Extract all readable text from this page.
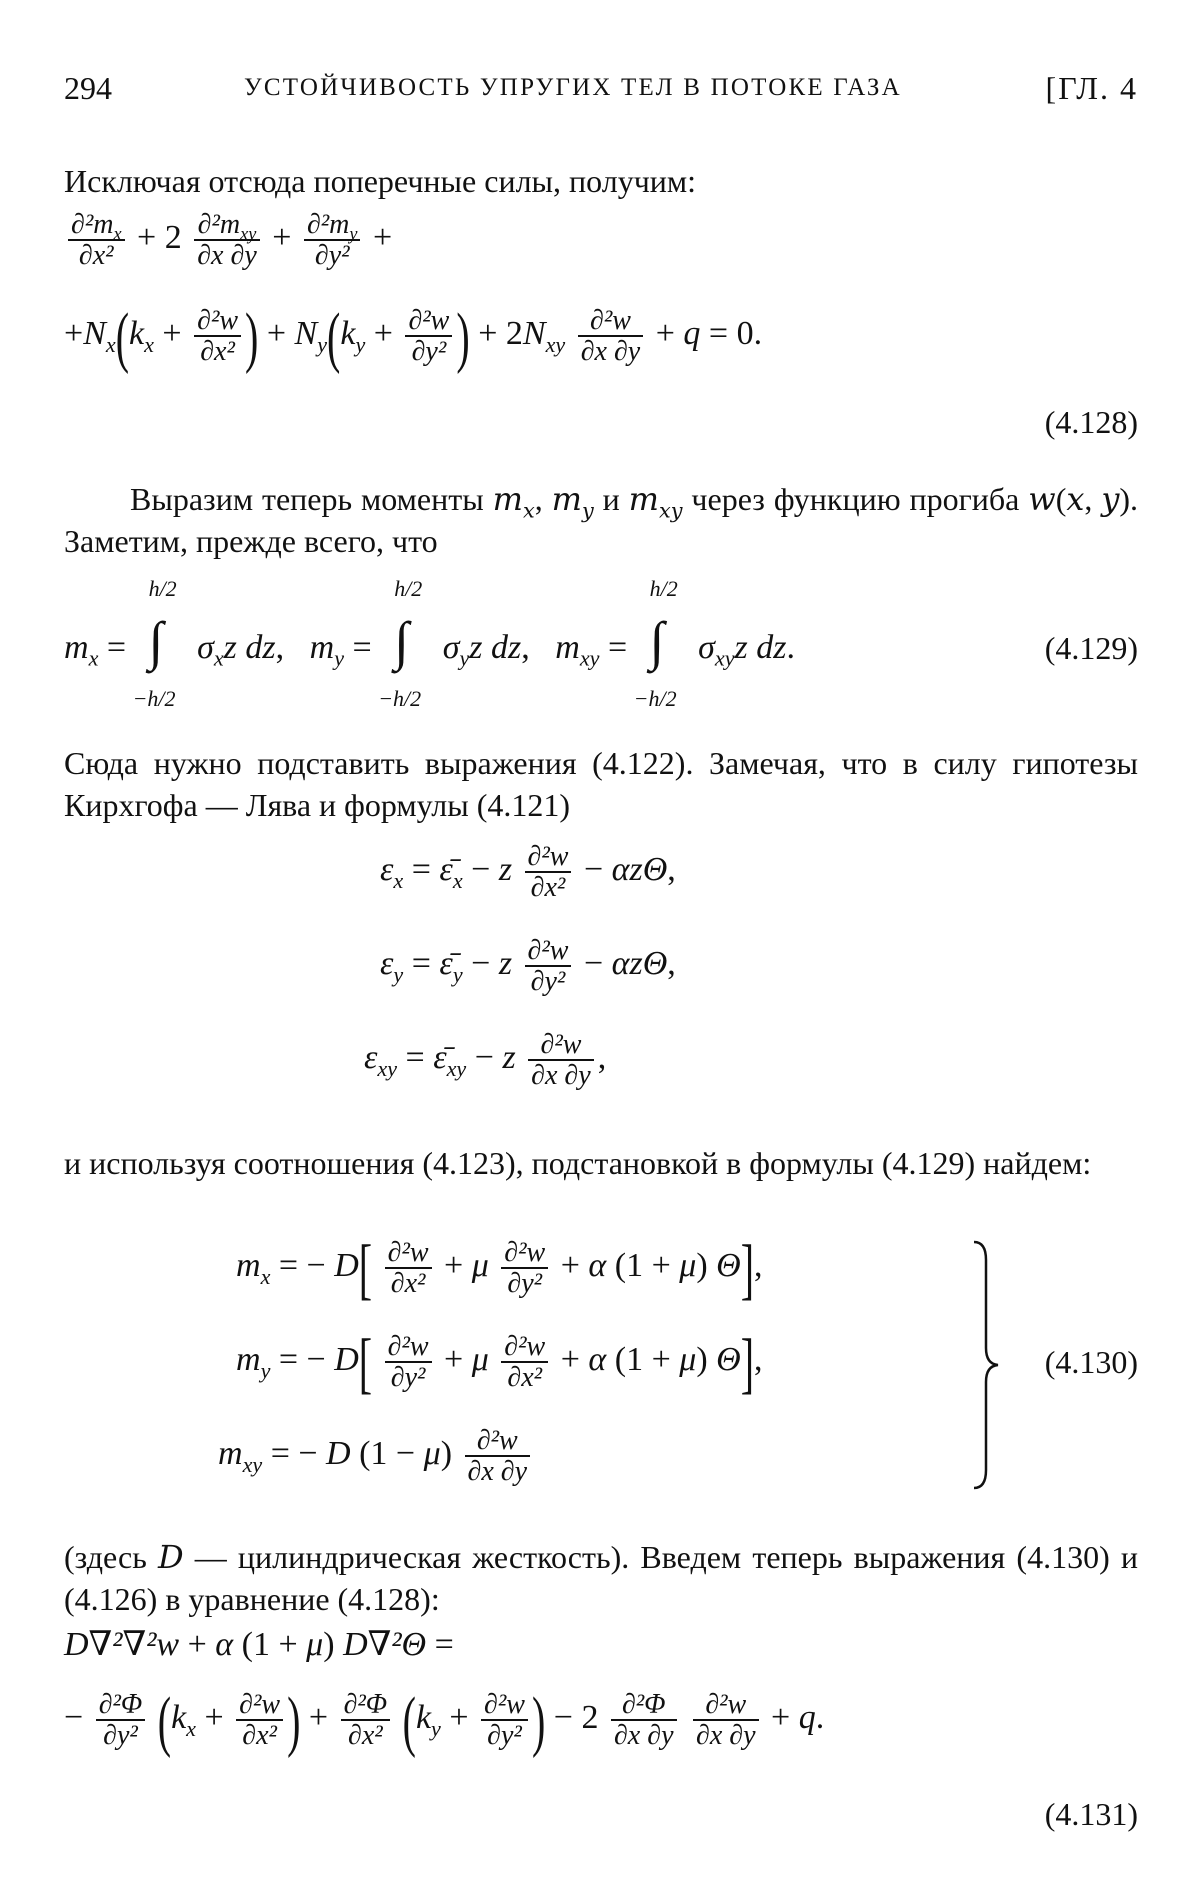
294	УСТОЙЧИВОСТЬ УПРУГИХ ТЕЛ В ПОТОКЕ ГАЗА	[ГЛ. 4
Исключая отсюда поперечные силы, получим:
$\frac{\partial^2m_x}{\text{∂x²}} + 2 \frac{\partial^2m_{xy}}{\partial x \partial y} + \frac{\partial^2m_y}{\text{∂y²}}$ +
$+N_x(k_x + \frac{\text{∂²w}}{\text{∂x²}}$ ) + $N_y(k_y + \frac{\text{∂²w}}{\text{∂y²}}$ ) + $2N_{xy} \frac{\text{∂²w}}{\partial x \partial y} + q = 0$.
(4.128)
Выразим теперь моменты $m_x$, $m_y$ и $m_{xy}$ через функцию прогиба w(x, y). Заметим, прежде всего, что
$m_x$ =
h/2
∫
−h/2
$\sigma_xz$ dz,   $m_y$ =
h/2
∫
−h/2
$\sigma_yz$ dz,   $m_{xy}$ =
h/2
∫
−h/2
$\sigma_{xy}z$ dz.	(4.129)
Сюда нужно подставить выражения (4.122). Замечая, что в силу гипотезы Кирхгофа — Лява и формулы (4.121)
$\varepsilon_x$ = $\varepsilon̄_x - z \frac{\text{∂²w}}{\text{∂x²}} - \alpha z\Theta$,
$\varepsilon_y$ = $\varepsilon̄_y - z \frac{\text{∂²w}}{\text{∂y²}} - \alpha z\Theta$,
$\varepsilon_{xy}$ = $\varepsilon̄_{xy} - z \frac{\text{∂²w}}{\partial x \partial y}$ ,
и используя соотношения (4.123), подстановкой в формулы (4.129) найдем:
$m_x$ = − $D[ \frac{\text{∂²w}}{\text{∂x²}} + \mu \frac{\text{∂²w}}{\text{∂y²}} + \alpha$ (1 + μ) Θ],
$m_y$ = − $D[ \frac{\text{∂²w}}{\text{∂y²}} + \mu \frac{\text{∂²w}}{\text{∂x²}} + \alpha$ (1 + μ) Θ],
$m_{xy}$ = − D $(1 - \mu) \frac{\text{∂²w}}{\partial x \partial y}$
(4.130)
(здесь D — цилиндрическая жесткость). Введем теперь выражения (4.130) и (4.126) в уравнение (4.128):
D∇²∇²w + α (1 + μ) D∇²Θ =
− $\frac{\text{∂²Φ}}{\text{∂y²}} (k_x + \frac{\text{∂²w}}{\text{∂x²}}$ ) + $\frac{\text{∂²Φ}}{\text{∂x²}} (k_y + \frac{\text{∂²w}}{\text{∂y²}}$ ) − $2 \frac{\text{∂²Φ}}{\partial x \partial y}$
$\frac{\text{∂²w}}{\partial x \partial y} + q$.
(4.131)
